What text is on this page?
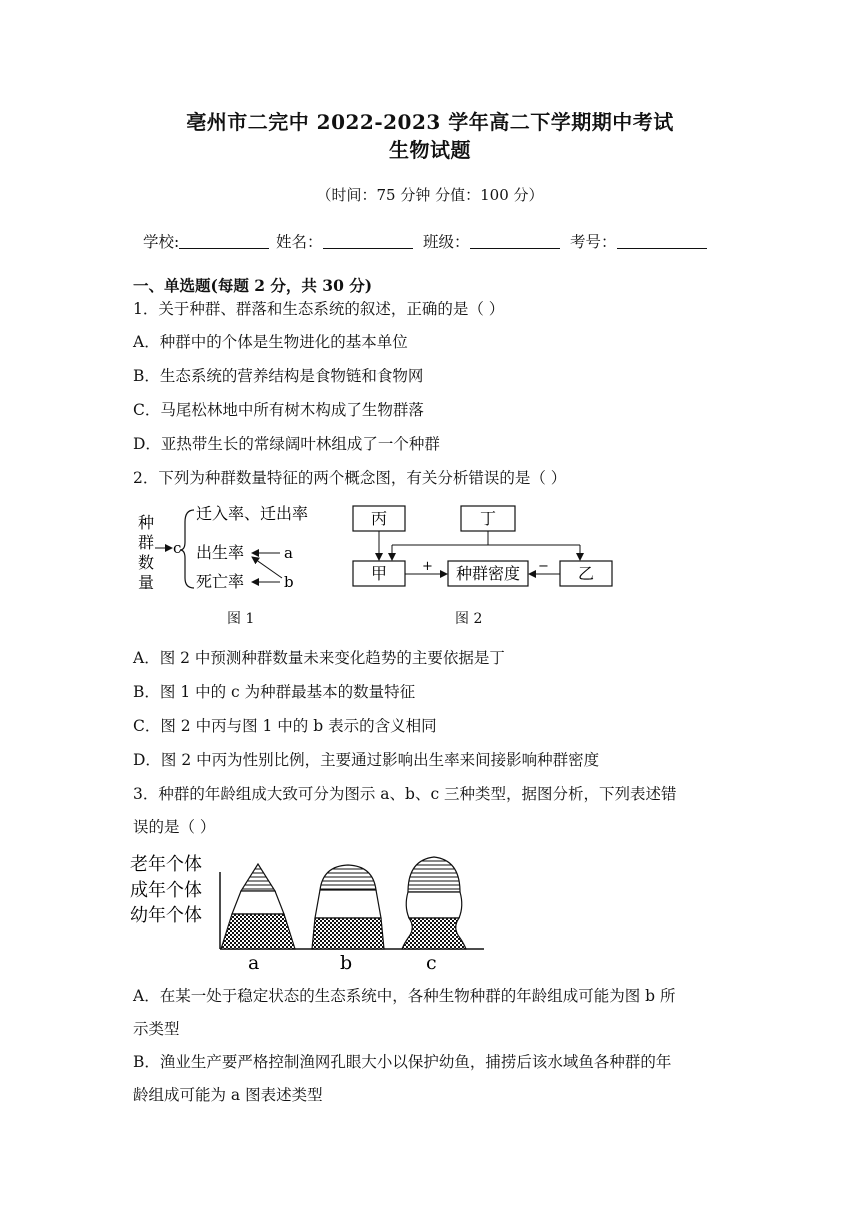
亳州市二完中 2022-2023 学年高二下学期期中考试
生物试题
（时间：75 分钟 分值：100 分）
学校:	姓名：	班级：	考号：
一、单选题(每题 2 分，共 30 分)
1．关于种群、群落和生态系统的叙述，正确的是（ ）
A．种群中的个体是生物进化的基本单位
B．生态系统的营养结构是食物链和食物网
C．马尾松林地中所有树木构成了生物群落
D．亚热带生长的常绿阔叶林组成了一个种群
2．下列为种群数量特征的两个概念图，有关分析错误的是（ ）
种
群
数
量
c
迁入率、迁出率
出生率
死亡率
a
b
图 1
丙	丁
甲	种群密度	乙
+	−
图 2
A．图 2 中预测种群数量未来变化趋势的主要依据是丁
B．图 1 中的 c 为种群最基本的数量特征
C．图 2 中丙与图 1 中的 b 表示的含义相同
D．图 2 中丙为性别比例，主要通过影响出生率来间接影响种群密度
3．种群的年龄组成大致可分为图示 a、b、c 三种类型，据图分析，下列表述错
误的是（ ）
老年个体
成年个体
幼年个体
a	b	c
A．在某一处于稳定状态的生态系统中，各种生物种群的年龄组成可能为图 b 所
示类型
B．渔业生产要严格控制渔网孔眼大小以保护幼鱼，捕捞后该水域鱼各种群的年
龄组成可能为 a 图表述类型
